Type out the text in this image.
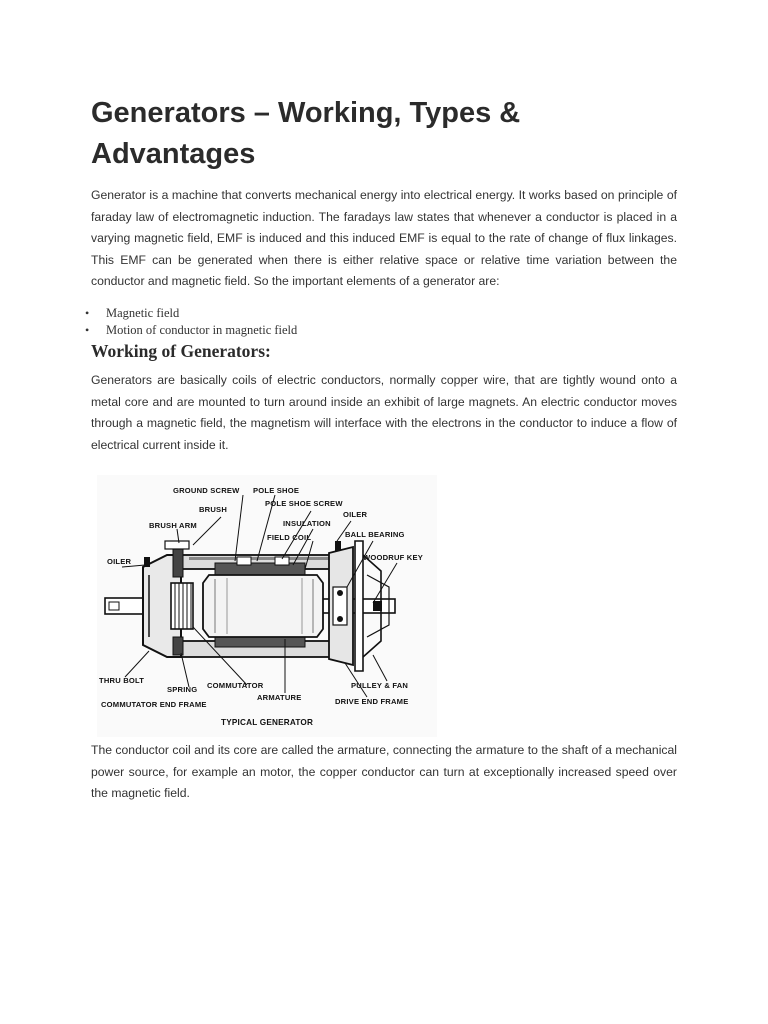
Generators – Working, Types & Advantages

Generator is a machine that converts mechanical energy into electrical energy. It works based on principle of faraday law of electromagnetic induction. The faradays law states that whenever a conductor is placed in a varying magnetic field, EMF is induced and this induced EMF is equal to the rate of change of flux linkages. This EMF can be generated when there is either relative space or relative time variation between the conductor and magnetic field. So the important elements of a generator are:

• Magnetic field
• Motion of conductor in magnetic field
Working of Generators:

Generators are basically coils of electric conductors, normally copper wire, that are tightly wound onto a metal core and are mounted to turn around inside an exhibit of large magnets. An electric conductor moves through a magnetic field, the magnetism will interface with the electrons in the conductor to induce a flow of electrical current inside it.

GROUND SCREW POLE SHOE
POLE SHOE SCREW
BRUSH
OILER
BRUSH ARM	INSULATION
BALL BEARING
FIELD COIL
OILER	WOODRUF KEY
THRU BOLT
COMMUTATOR
SPRING	PULLEY & FAN
ARMATURE	DRIVE END FRAME
COMMUTATOR END FRAME
TYPICAL GENERATOR

The conductor coil and its core are called the armature, connecting the armature to the shaft of a mechanical power source, for example an motor, the copper conductor can turn at exceptionally increased speed over the magnetic field.
